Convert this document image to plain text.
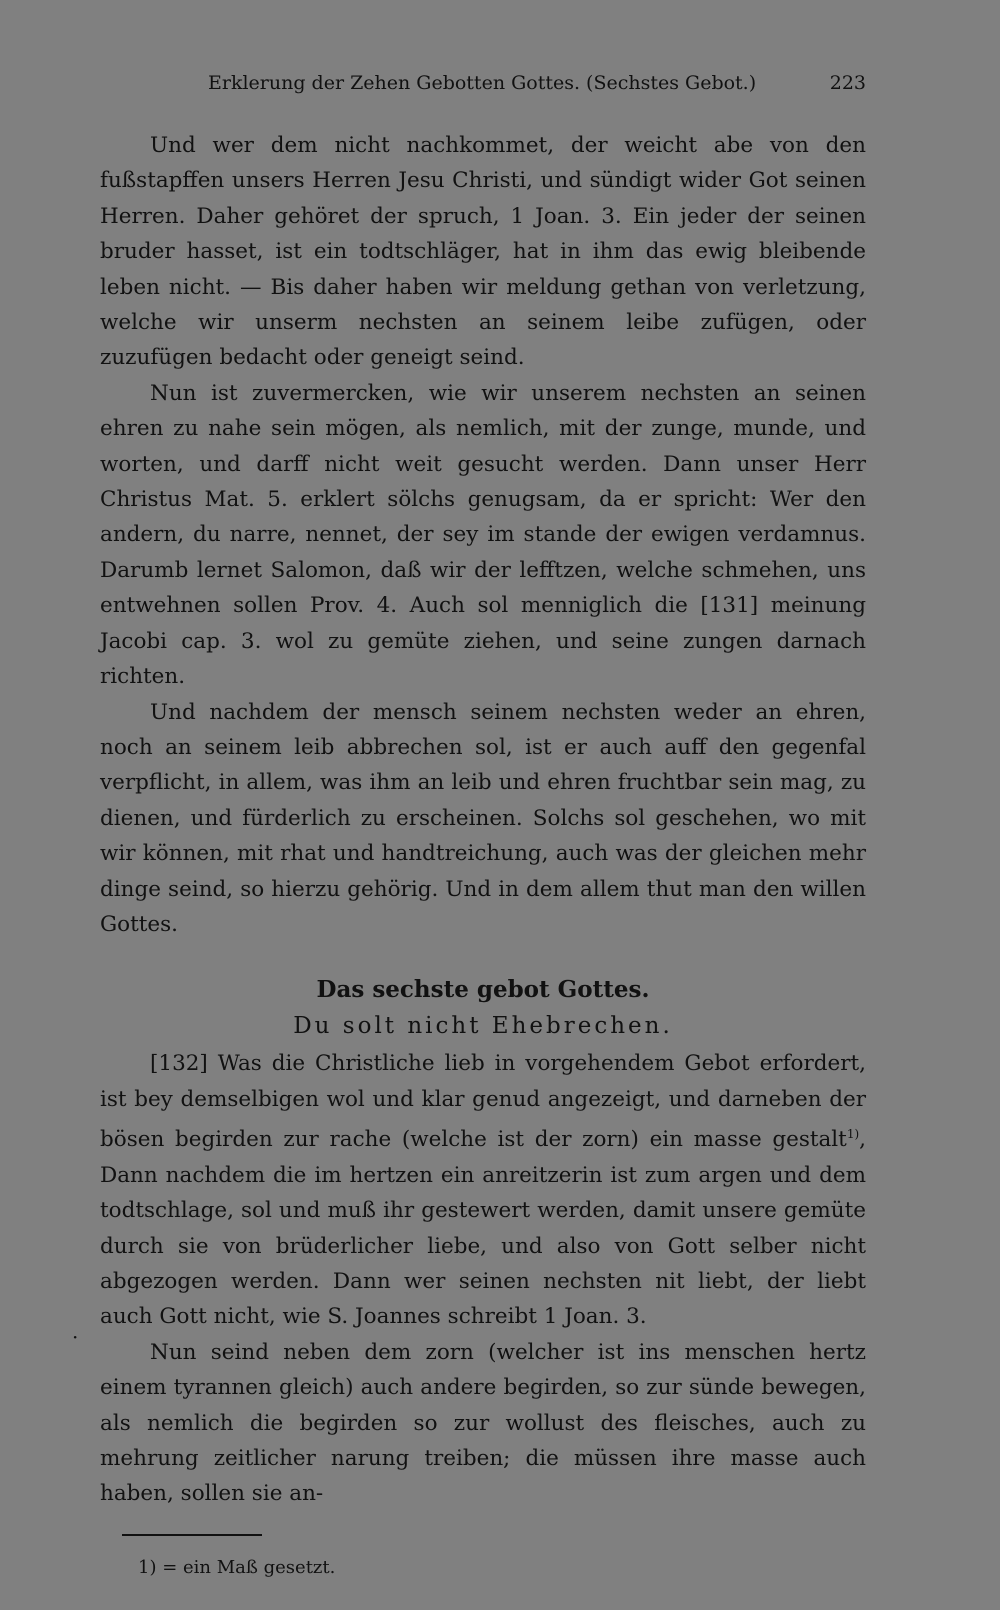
Erklerung der Zehen Gebotten Gottes. (Sechstes Gebot.)	223

Und wer dem nicht nachkommet, der weicht abe von den fußstapffen unsers Herren Jesu Christi, und sündigt wider Got seinen Herren. Daher gehöret der spruch, 1 Joan. 3. Ein jeder der seinen bruder hasset, ist ein todtschläger, hat in ihm das ewig bleibende leben nicht. — Bis daher haben wir meldung gethan von verletzung, welche wir unserm nechsten an seinem leibe zufügen, oder zuzufügen bedacht oder geneigt seind.

Nun ist zuvermercken, wie wir unserem nechsten an seinen ehren zu nahe sein mögen, als nemlich, mit der zunge, munde, und worten, und darff nicht weit gesucht werden. Dann unser Herr Christus Mat. 5. erklert sölchs genugsam, da er spricht: Wer den andern, du narre, nennet, der sey im stande der ewigen verdamnus. Darumb lernet Salomon, daß wir der lefftzen, welche schmehen, uns entwehnen sollen Prov. 4. Auch sol menniglich die [131] meinung Jacobi cap. 3. wol zu gemüte ziehen, und seine zungen darnach richten.

Und nachdem der mensch seinem nechsten weder an ehren, noch an seinem leib abbrechen sol, ist er auch auff den gegenfal verpflicht, in allem, was ihm an leib und ehren fruchtbar sein mag, zu dienen, und fürderlich zu erscheinen. Solchs sol geschehen, wo mit wir können, mit rhat und handtreichung, auch was der gleichen mehr dinge seind, so hierzu gehörig. Und in dem allem thut man den willen Gottes.

Das sechste gebot Gottes.
Du solt nicht Ehebrechen.

[132] Was die Christliche lieb in vorgehendem Gebot erfordert, ist bey demselbigen wol und klar genud angezeigt, und darneben der bösen begirden zur rache (welche ist der zorn) ein masse gestalt$^{1)}$, Dann nachdem die im hertzen ein anreitzerin ist zum argen und dem todtschlage, sol und muß ihr gestewert werden, damit unsere gemüte durch sie von brüderlicher liebe, und also von Gott selber nicht abgezogen werden. Dann wer seinen nechsten nit liebt, der liebt auch Gott nicht, wie S. Joannes schreibt 1 Joan. 3.

Nun seind neben dem zorn (welcher ist ins menschen hertz einem tyrannen gleich) auch andere begirden, so zur sünde bewegen, als nemlich die begirden so zur wollust des fleisches, auch zu mehrung zeitlicher narung treiben; die müssen ihre masse auch haben, sollen sie an-

1) = ein Maß gesetzt.
·
